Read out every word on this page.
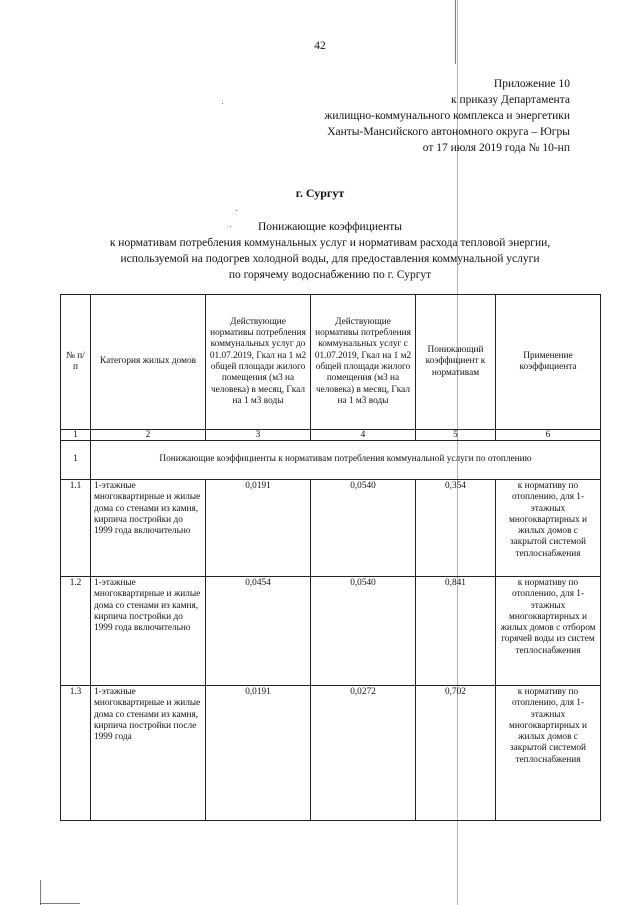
42
Приложение 10
к приказу Департамента
жилищно-коммунального комплекса и энергетики
Ханты-Мансийского автономного округа – Югры
от 17 июля 2019 года № 10-нп
г. Сургут
Понижающие коэффициенты
к нормативам потребления коммунальных услуг и нормативам расхода тепловой энергии,
используемой на подогрев холодной воды, для предоставления коммунальной услуги
по горячему водоснабжению по г. Сургут
№ п/п	Категория жилых домов	Действующие нормативы потребления коммунальных услуг до 01.07.2019, Гкал на 1 м2 общей площади жилого помещения (м3 на человека) в месяц, Гкал на 1 м3 воды	Действующие нормативы потребления коммунальных услуг с 01.07.2019, Гкал на 1 м2 общей площади жилого помещения (м3 на человека) в месяц, Гкал на 1 м3 воды	Понижающий коэффициент к нормативам	Применение коэффициента
1	2	3	4	5	6
1	Понижающие коэффициенты к нормативам потребления коммунальной услуги по отоплению				
1.1	1-этажные многоквартирные и жилые дома со стенами из камня, кирпича постройки до 1999 года включительно	0,0191	0,0540	0,354	к нормативу по отоплению, для 1-этажных многоквартирных и жилых домов с закрытой системой теплоснабжения
1.2	1-этажные многоквартирные и жилые дома со стенами из камня, кирпича постройки до 1999 года включительно	0,0454	0,0540	0,841	к нормативу по отоплению, для 1-этажных многоквартирных и жилых домов с отбором горячей воды из систем теплоснабжения
1.3	1-этажные многоквартирные и жилые дома со стенами из камня, кирпича постройки после 1999 года	0,0191	0,0272	0,702	к нормативу по отоплению, для 1-этажных многоквартирных и жилых домов с закрытой системой теплоснабжения
